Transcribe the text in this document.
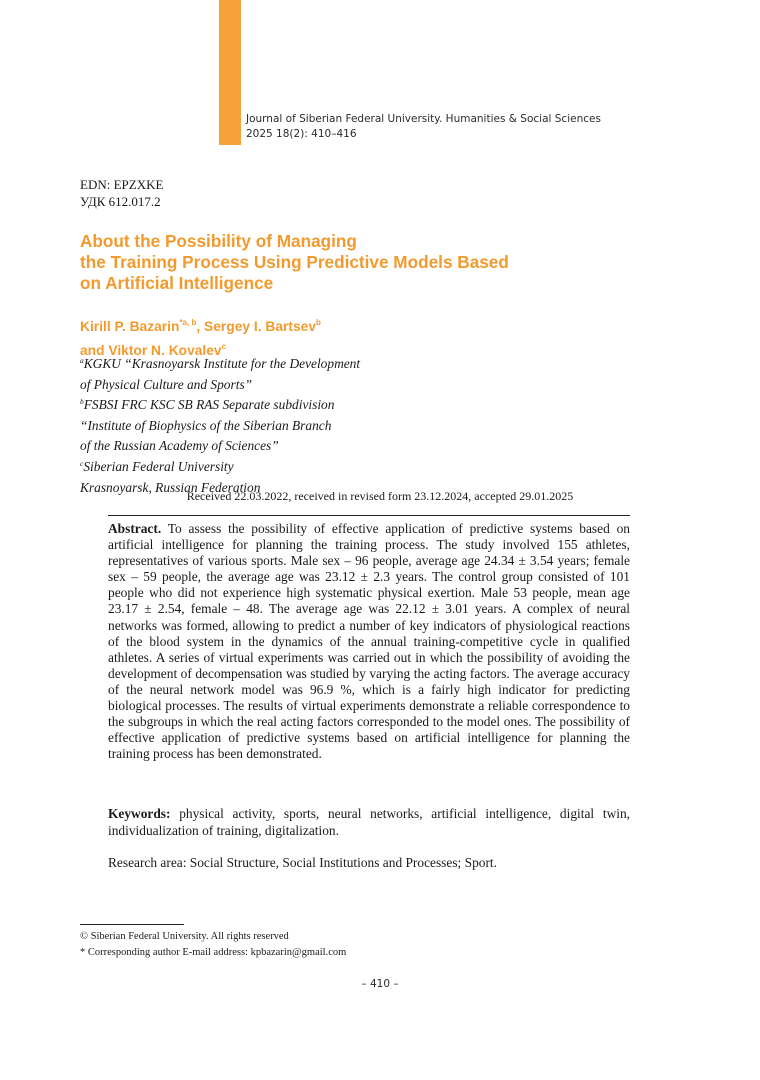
Journal of Siberian Federal University. Humanities & Social Sciences
2025 18(2): 410–416
EDN: EPZXKE
УДК 612.017.2
About the Possibility of Managing
the Training Process Using Predictive Models Based
on Artificial Intelligence
Kirill P. Bazarin$^{*a, b}$, Sergey I. Bartsev$^b$
and Viktor N. Kovalev$^c$
$^a$KGKU “Krasnoyarsk Institute for the Development
of Physical Culture and Sports”
$^b$FSBSI FRC KSC SB RAS Separate subdivision
“Institute of Biophysics of the Siberian Branch
of the Russian Academy of Sciences”
$^c$Siberian Federal University
Krasnoyarsk, Russian Federation
Received 22.03.2022, received in revised form 23.12.2024, accepted 29.01.2025

Abstract. To assess the possibility of effective application of predictive systems based on artificial intelligence for planning the training process. The study involved 155 athletes, representatives of various sports. Male sex – 96 people, average age 24.34 ± 3.54 years; female sex – 59 people, the average age was 23.12 ± 2.3 years. The control group consisted of 101 people who did not experience high systematic physical exertion. Male 53 people, mean age 23.17 ± 2.54, female – 48. The average age was 22.12 ± 3.01 years. A complex of neural networks was formed, allowing to predict a number of key indicators of physiological reactions of the blood system in the dynamics of the annual training-competitive cycle in qualified athletes. A series of virtual experiments was carried out in which the possibility of avoiding the development of decompensation was studied by varying the acting factors. The average accuracy of the neural network model was 96.9 %, which is a fairly high indicator for predicting biological processes. The results of virtual experiments demonstrate a reliable correspondence to the subgroups in which the real acting factors corresponded to the model ones. The possibility of effective application of predictive systems based on artificial intelligence for planning the training process has been demonstrated.

Keywords: physical activity, sports, neural networks, artificial intelligence, digital twin, individualization of training, digitalization.

Research area: Social Structure, Social Institutions and Processes; Sport.
© Siberian Federal University. All rights reserved
* Corresponding author E-mail address: kpbazarin@gmail.com
– 410 –
